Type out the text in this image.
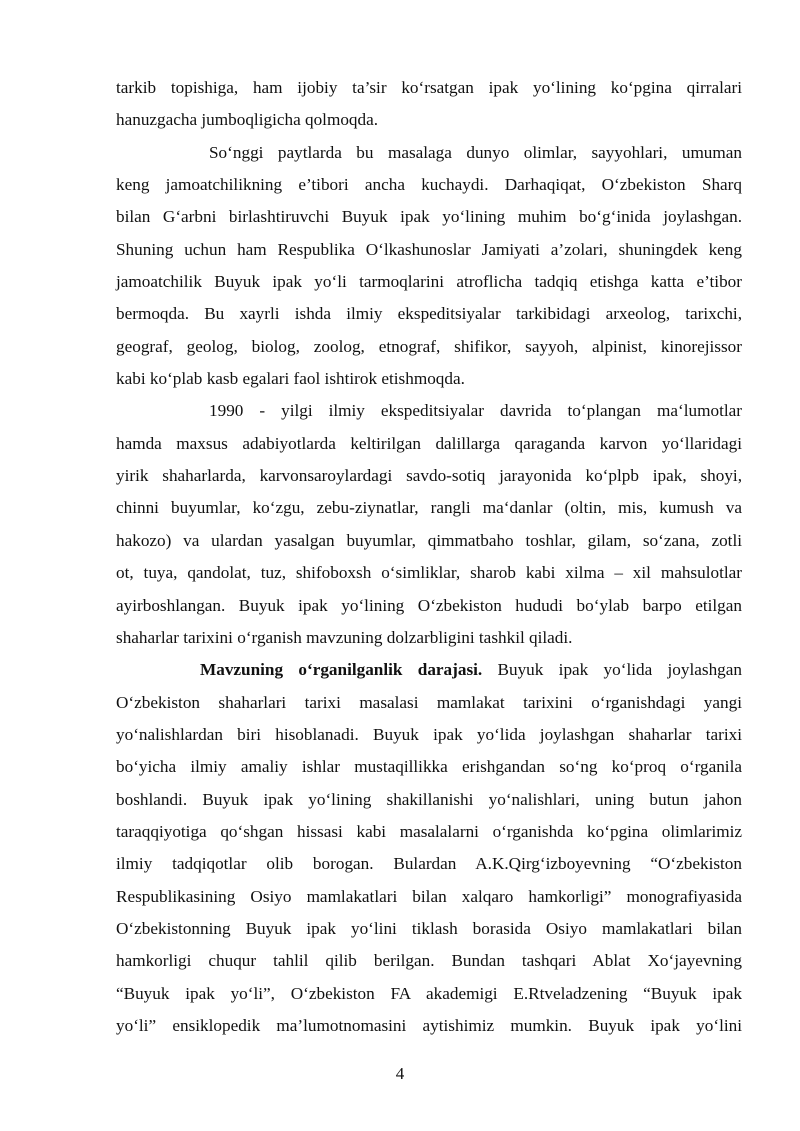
tarkib topishiga, ham ijobiy ta’sir ko‘rsatgan ipak yo‘lining ko‘pgina qirralari
hanuzgacha jumboqligicha qolmoqda.
So‘nggi paytlarda bu masalaga dunyo olimlar, sayyohlari, umuman
keng jamoatchilikning e’tibori ancha kuchaydi. Darhaqiqat, O‘zbekiston Sharq
bilan G‘arbni birlashtiruvchi Buyuk ipak yo‘lining muhim bo‘g‘inida joylashgan.
Shuning uchun ham Respublika O‘lkashunoslar Jamiyati a’zolari, shuningdek keng
jamoatchilik Buyuk ipak yo‘li tarmoqlarini atroflicha tadqiq etishga katta e’tibor
bermoqda. Bu xayrli ishda ilmiy ekspeditsiyalar tarkibidagi arxeolog, tarixchi,
geograf, geolog, biolog, zoolog, etnograf, shifikor, sayyoh, alpinist, kinorejissor
kabi ko‘plab kasb egalari faol ishtirok etishmoqda.
1990 - yilgi ilmiy ekspeditsiyalar davrida to‘plangan ma‘lumotlar
hamda maxsus adabiyotlarda keltirilgan dalillarga qaraganda karvon yo‘llaridagi
yirik shaharlarda, karvonsaroylardagi savdo-sotiq jarayonida ko‘plpb ipak, shoyi,
chinni buyumlar, ko‘zgu, zebu-ziynatlar, rangli ma‘danlar (oltin, mis, kumush va
hakozo) va ulardan yasalgan buyumlar, qimmatbaho toshlar, gilam, so‘zana, zotli
ot, tuya, qandolat, tuz, shifoboxsh o‘simliklar, sharob kabi xilma – xil mahsulotlar
ayirboshlangan. Buyuk ipak yo‘lining O‘zbekiston hududi bo‘ylab barpo etilgan
shaharlar tarixini o‘rganish mavzuning dolzarbligini tashkil qiladi.
Mavzuning o‘rganilganlik darajasi. Buyuk ipak yo‘lida joylashgan
O‘zbekiston shaharlari tarixi masalasi mamlakat tarixini o‘rganishdagi yangi
yo‘nalishlardan biri hisoblanadi. Buyuk ipak yo‘lida joylashgan shaharlar tarixi
bo‘yicha ilmiy amaliy ishlar mustaqillikka erishgandan so‘ng ko‘proq o‘rganila
boshlandi. Buyuk ipak yo‘lining shakillanishi yo‘nalishlari, uning butun jahon
taraqqiyotiga qo‘shgan hissasi kabi masalalarni o‘rganishda ko‘pgina olimlarimiz
ilmiy tadqiqotlar olib borogan. Bulardan A.K.Qirg‘izboyevning “O‘zbekiston
Respublikasining Osiyo mamlakatlari bilan xalqaro hamkorligi” monografiyasida
O‘zbekistonning Buyuk ipak yo‘lini tiklash borasida Osiyo mamlakatlari bilan
hamkorligi chuqur tahlil qilib berilgan. Bundan tashqari Ablat Xo‘jayevning
“Buyuk ipak yo‘li”, O‘zbekiston FA akademigi E.Rtveladzening “Buyuk ipak
yo‘li” ensiklopedik ma’lumotnomasini aytishimiz mumkin. Buyuk ipak yo‘lini
4
